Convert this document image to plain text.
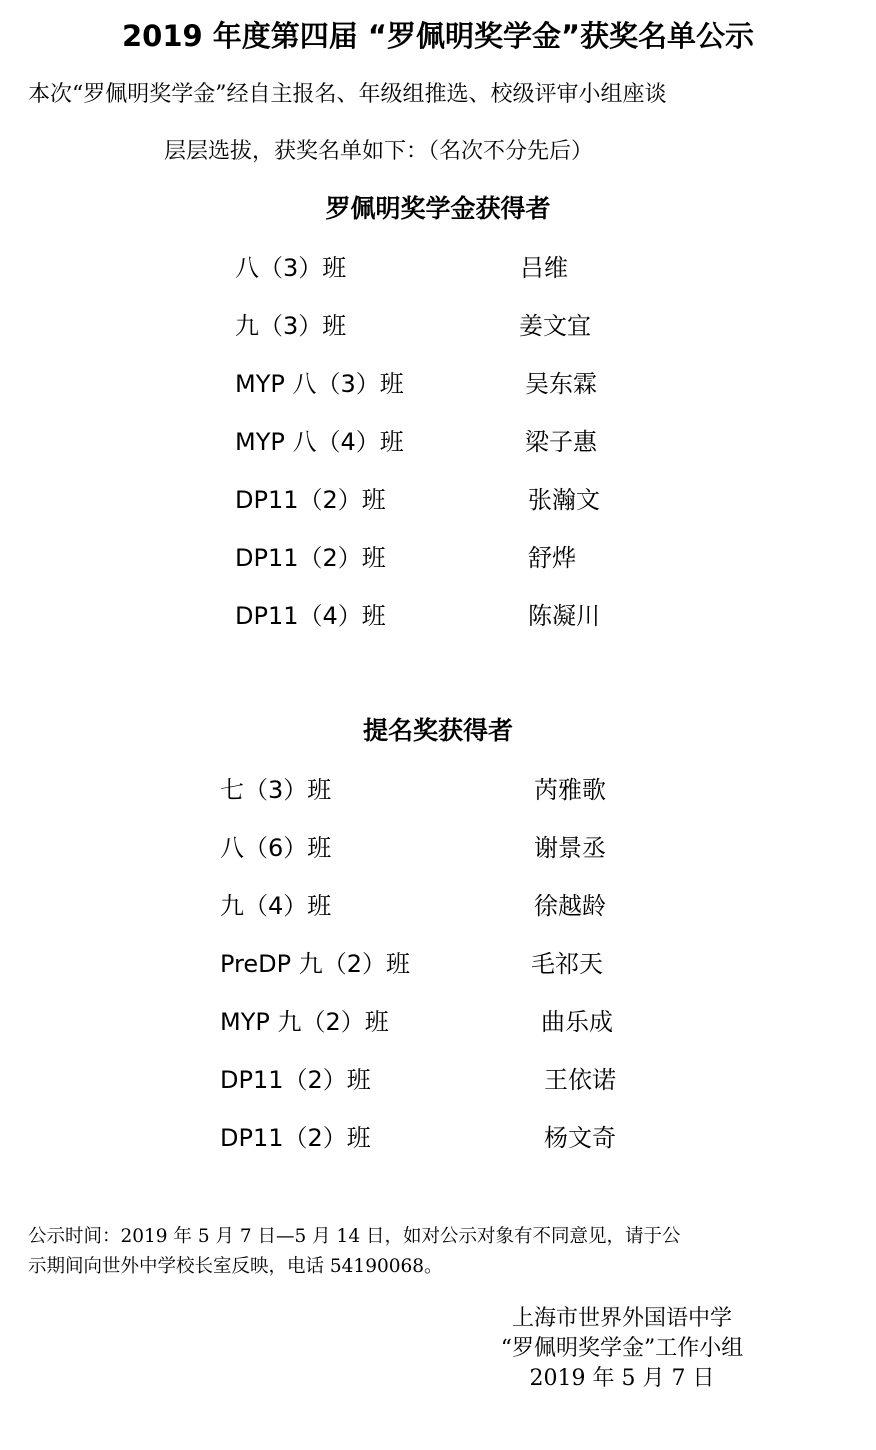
2019 年度第四届 “罗佩明奖学金”获奖名单公示
本次“罗佩明奖学金”经自主报名、年级组推选、校级评审小组座谈
层层选拔，获奖名单如下：（名次不分先后）
罗佩明奖学金获得者
八（3）班	吕维
九（3）班	姜文宜
MYP 八（3）班	吴东霖
MYP 八（4）班	梁子惠
DP11（2）班	张瀚文
DP11（2）班	舒烨
DP11（4）班	陈凝川
提名奖获得者
七（3）班	芮雅歌
八（6）班	谢景丞
九（4）班	徐越龄
PreDP 九（2）班	毛祁天
MYP 九（2）班	曲乐成
DP11（2）班	王依诺
DP11（2）班	杨文奇

公示时间：2019 年 5 月 7 日—5 月 14 日，如对公示对象有不同意见，请于公

示期间向世外中学校长室反映，电话 54190068。

上海市世界外国语中学

“罗佩明奖学金”工作小组

2019 年 5 月 7 日
